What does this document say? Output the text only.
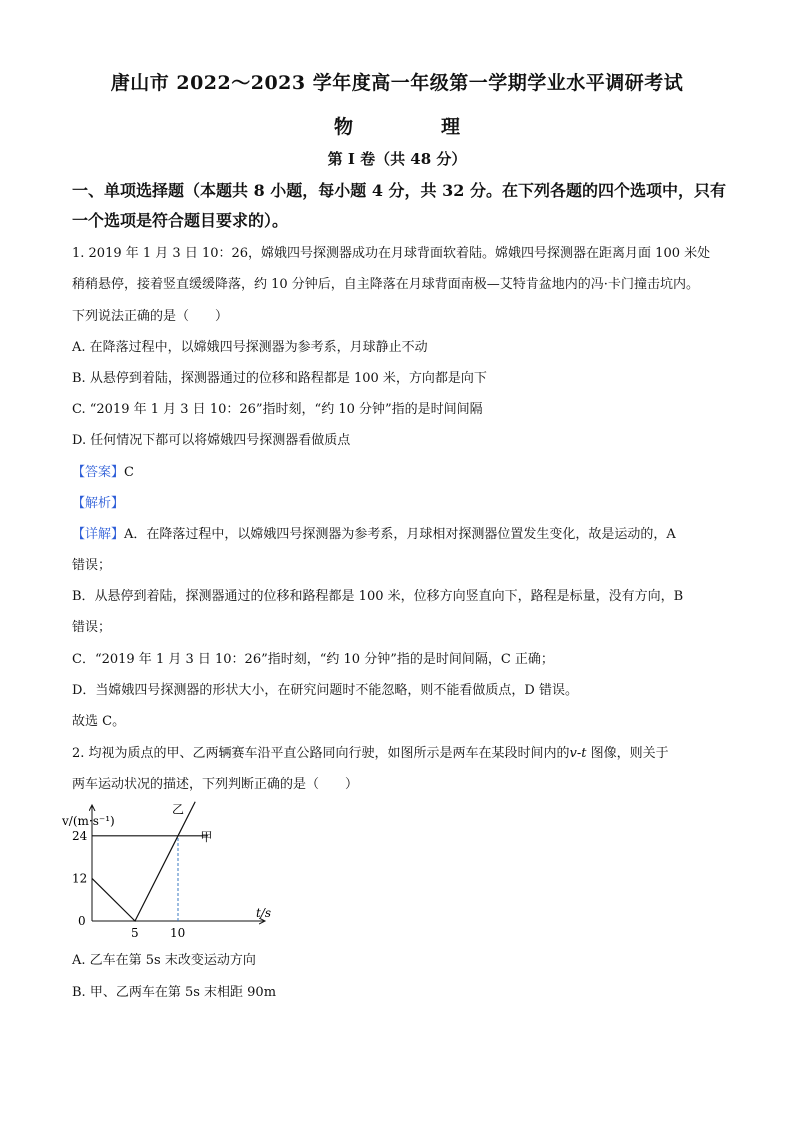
唐山市 2022～2023 学年度高一年级第一学期学业水平调研考试
物	理
第 I 卷（共 48 分）
一、单项选择题（本题共 8 小题，每小题 4 分，共 32 分。在下列各题的四个选项中，只有
一个选项是符合题目要求的）。
1. 2019 年 1 月 3 日 10：26，嫦娥四号探测器成功在月球背面软着陆。嫦娥四号探测器在距离月面 100 米处
稍稍悬停，接着竖直缓缓降落，约 10 分钟后，自主降落在月球背面南极—艾特肯盆地内的冯·卡门撞击坑内。
下列说法正确的是（　　）
A. 在降落过程中，以嫦娥四号探测器为参考系，月球静止不动
B. 从悬停到着陆，探测器通过的位移和路程都是 100 米，方向都是向下
C. “2019 年 1 月 3 日 10：26”指时刻，“约 10 分钟”指的是时间间隔
D. 任何情况下都可以将嫦娥四号探测器看做质点
【答案】C
【解析】
【详解】A．在降落过程中，以嫦娥四号探测器为参考系，月球相对探测器位置发生变化，故是运动的，A
错误；
B．从悬停到着陆，探测器通过的位移和路程都是 100 米，位移方向竖直向下，路程是标量，没有方向，B
错误；
C．“2019 年 1 月 3 日 10：26”指时刻，“约 10 分钟”指的是时间间隔，C 正确；
D．当嫦娥四号探测器的形状大小，在研究问题时不能忽略，则不能看做质点，D 错误。
故选 C。
2. 均视为质点的甲、乙两辆赛车沿平直公路同向行驶，如图所示是两车在某段时间内的v-t 图像，则关于
两车运动状况的描述，下列判断正确的是（　　）
v/(m·s⁻¹)
t/s
0
12
24
5	10
甲
乙
A. 乙车在第 5s 末改变运动方向
B. 甲、乙两车在第 5s 末相距 90m
